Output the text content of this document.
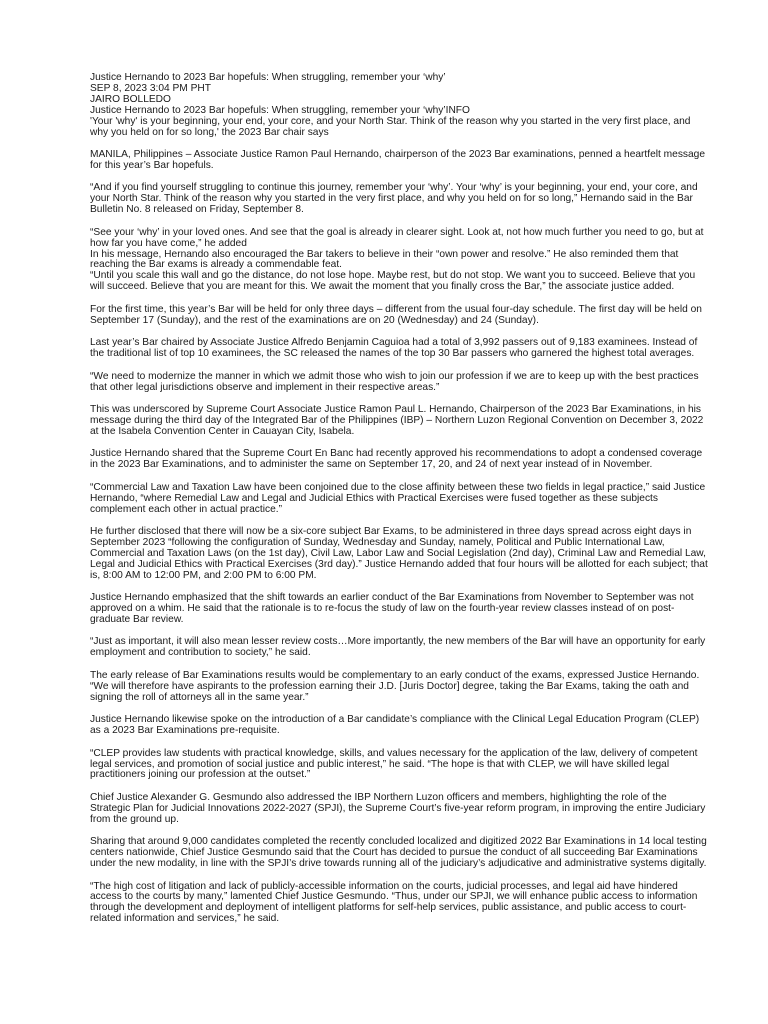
Justice Hernando to 2023 Bar hopefuls: When struggling, remember your ‘why’

SEP 8, 2023 3:04 PM PHT

JAIRO BOLLEDO

Justice Hernando to 2023 Bar hopefuls: When struggling, remember your ‘why’INFO

'Your 'why' is your beginning, your end, your core, and your North Star. Think of the reason why you started in the very first place, and why you held on for so long,' the 2023 Bar chair says

MANILA, Philippines – Associate Justice Ramon Paul Hernando, chairperson of the 2023 Bar examinations, penned a heartfelt message for this year’s Bar hopefuls.

“And if you find yourself struggling to continue this journey, remember your ‘why’. Your ‘why’ is your beginning, your end, your core, and your North Star. Think of the reason why you started in the very first place, and why you held on for so long,” Hernando said in the Bar Bulletin No. 8 released on Friday, September 8.

“See your ‘why’ in your loved ones. And see that the goal is already in clearer sight. Look at, not how much further you need to go, but at how far you have come,” he added

In his message, Hernando also encouraged the Bar takers to believe in their “own power and resolve.” He also reminded them that reaching the Bar exams is already a commendable feat.

“Until you scale this wall and go the distance, do not lose hope. Maybe rest, but do not stop. We want you to succeed. Believe that you will succeed. Believe that you are meant for this. We await the moment that you finally cross the Bar,” the associate justice added.

For the first time, this year’s Bar will be held for only three days – different from the usual four-day schedule. The first day will be held on September 17 (Sunday), and the rest of the examinations are on 20 (Wednesday) and 24 (Sunday).

Last year’s Bar chaired by Associate Justice Alfredo Benjamin Caguioa had a total of 3,992 passers out of 9,183 examinees. Instead of the traditional list of top 10 examinees, the SC released the names of the top 30 Bar passers who garnered the highest total averages.

“We need to modernize the manner in which we admit those who wish to join our profession if we are to keep up with the best practices that other legal jurisdictions observe and implement in their respective areas.”

This was underscored by Supreme Court Associate Justice Ramon Paul L. Hernando, Chairperson of the 2023 Bar Examinations, in his message during the third day of the Integrated Bar of the Philippines (IBP) – Northern Luzon Regional Convention on December 3, 2022 at the Isabela Convention Center in Cauayan City, Isabela.

Justice Hernando shared that the Supreme Court En Banc had recently approved his recommendations to adopt a condensed coverage in the 2023 Bar Examinations, and to administer the same on September 17, 20, and 24 of next year instead of in November.

“Commercial Law and Taxation Law have been conjoined due to the close affinity between these two fields in legal practice,” said Justice Hernando, “where Remedial Law and Legal and Judicial Ethics with Practical Exercises were fused together as these subjects complement each other in actual practice.”

He further disclosed that there will now be a six-core subject Bar Exams, to be administered in three days spread across eight days in September 2023 “following the configuration of Sunday, Wednesday and Sunday, namely, Political and Public International Law, Commercial and Taxation Laws (on the 1st day), Civil Law, Labor Law and Social Legislation (2nd day), Criminal Law and Remedial Law, Legal and Judicial Ethics with Practical Exercises (3rd day).” Justice Hernando added that four hours will be allotted for each subject; that is, 8:00 AM to 12:00 PM, and 2:00 PM to 6:00 PM.

Justice Hernando emphasized that the shift towards an earlier conduct of the Bar Examinations from November to September was not approved on a whim. He said that the rationale is to re-focus the study of law on the fourth-year review classes instead of on post-graduate Bar review.

“Just as important, it will also mean lesser review costs…More importantly, the new members of the Bar will have an opportunity for early employment and contribution to society,” he said.

The early release of Bar Examinations results would be complementary to an early conduct of the exams, expressed Justice Hernando. “We will therefore have aspirants to the profession earning their J.D. [Juris Doctor] degree, taking the Bar Exams, taking the oath and signing the roll of attorneys all in the same year.”

Justice Hernando likewise spoke on the introduction of a Bar candidate’s compliance with the Clinical Legal Education Program (CLEP) as a 2023 Bar Examinations pre-requisite.

“CLEP provides law students with practical knowledge, skills, and values necessary for the application of the law, delivery of competent legal services, and promotion of social justice and public interest,” he said. “The hope is that with CLEP, we will have skilled legal practitioners joining our profession at the outset.”

Chief Justice Alexander G. Gesmundo also addressed the IBP Northern Luzon officers and members, highlighting the role of the Strategic Plan for Judicial Innovations 2022-2027 (SPJI), the Supreme Court’s five-year reform program, in improving the entire Judiciary from the ground up.

Sharing that around 9,000 candidates completed the recently concluded localized and digitized 2022 Bar Examinations in 14 local testing centers nationwide, Chief Justice Gesmundo said that the Court has decided to pursue the conduct of all succeeding Bar Examinations under the new modality, in line with the SPJI’s drive towards running all of the judiciary’s adjudicative and administrative systems digitally.

“The high cost of litigation and lack of publicly-accessible information on the courts, judicial processes, and legal aid have hindered access to the courts by many,” lamented Chief Justice Gesmundo. “Thus, under our SPJI, we will enhance public access to information through the development and deployment of intelligent platforms for self-help services, public assistance, and public access to court-related information and services,” he said.
